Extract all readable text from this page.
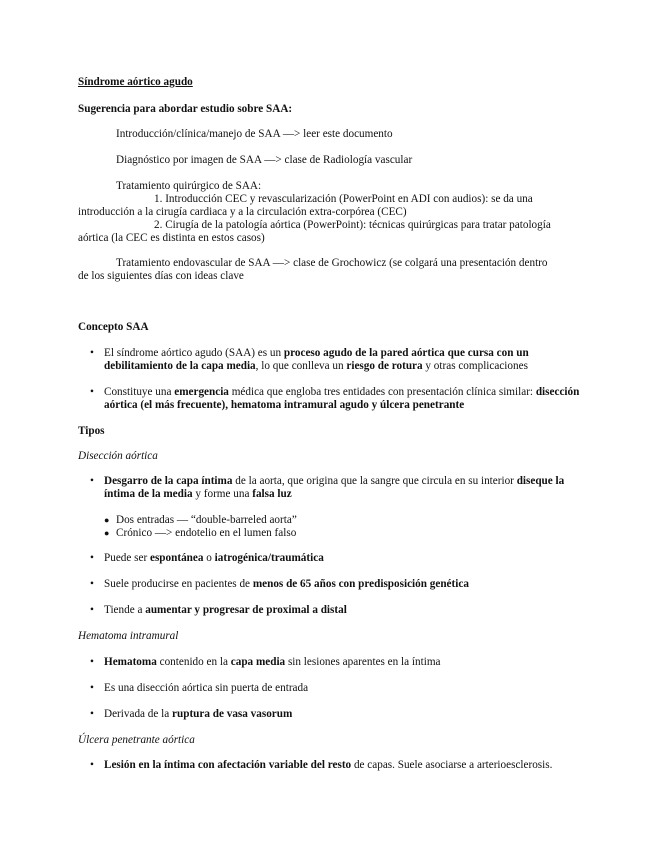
Síndrome aórtico agudo
Sugerencia para abordar estudio sobre SAA:
Introducción/clínica/manejo de SAA —> leer este documento
Diagnóstico por imagen de SAA —> clase de Radiología vascular
Tratamiento quirúrgico de SAA:
1. Introducción CEC y revascularización (PowerPoint en ADI con audios): se da una
introducción a la cirugía cardiaca y a la circulación extra-corpórea (CEC)
2. Cirugía de la patología aórtica (PowerPoint): técnicas quirúrgicas para tratar patología
aórtica (la CEC es distinta en estos casos)
Tratamiento endovascular de SAA —> clase de Grochowicz (se colgará una presentación dentro
de los siguientes días con ideas clave
Concepto SAA
• El síndrome aórtico agudo (SAA) es un proceso agudo de la pared aórtica que cursa con un debilitamiento de la capa media, lo que conlleva un riesgo de rotura y otras complicaciones
• Constituye una emergencia médica que engloba tres entidades con presentación clínica similar: disección aórtica (el más frecuente), hematoma intramural agudo y úlcera penetrante
Tipos
Disección aórtica
• Desgarro de la capa íntima de la aorta, que origina que la sangre que circula en su interior diseque la íntima de la media y forme una falsa luz
● Dos entradas — “double-barreled aorta”
● Crónico —> endotelio en el lumen falso
• Puede ser espontánea o iatrogénica/traumática
• Suele producirse en pacientes de menos de 65 años con predisposición genética
• Tiende a aumentar y progresar de proximal a distal
Hematoma intramural
• Hematoma contenido en la capa media sin lesiones aparentes en la íntima
• Es una disección aórtica sin puerta de entrada
• Derivada de la ruptura de vasa vasorum
Úlcera penetrante aórtica
• Lesión en la íntima con afectación variable del resto de capas. Suele asociarse a arterioesclerosis.
